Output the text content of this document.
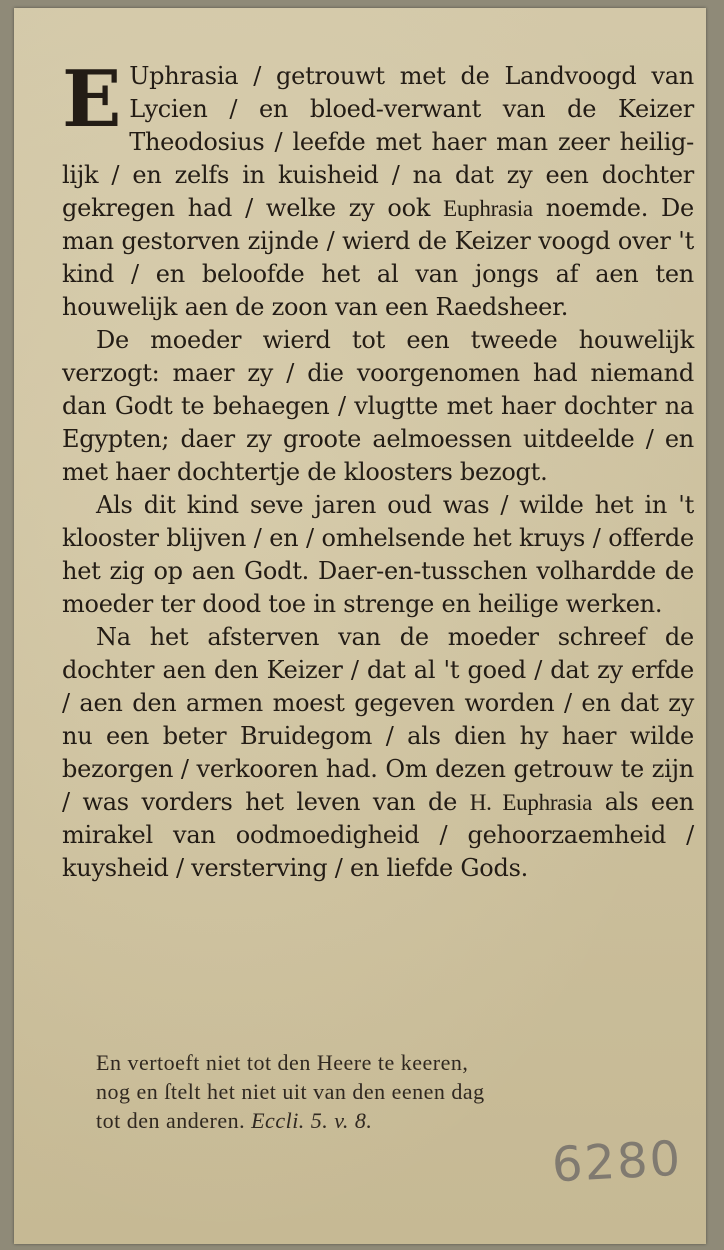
E Uphrasia / getrouwt met de Landvoogd van Lycien / en bloed-verwant van de Keizer Theodosius / leefde met haer man zeer heilig-lijk / en zelfs in kuisheid / na dat zy een dochter gekregen had / welke zy ook Euphrasia noemde. De man gestorven zijnde / wierd de Keizer voogd over 't kind / en beloofde het al van jongs af aen ten houwelijk aen de zoon van een Raedsheer.

De moeder wierd tot een tweede houwelijk verzogt: maer zy / die voorgenomen had niemand dan Godt te behaegen / vlugtte met haer dochter na Egypten; daer zy groote aelmoessen uitdeelde / en met haer dochtertje de kloosters bezogt.

Als dit kind seve jaren oud was / wilde het in 't klooster blijven / en / omhelsende het kruys / offerde het zig op aen Godt. Daer-en-tusschen volhardde de moeder ter dood toe in strenge en heilige werken.

Na het afsterven van de moeder schreef de dochter aen den Keizer / dat al 't goed / dat zy erfde / aen den armen moest gegeven worden / en dat zy nu een beter Bruidegom / als dien hy haer wilde bezorgen / verkooren had. Om dezen getrouw te zijn / was vorders het leven van de H. Euphrasia als een mirakel van oodmoedigheid / gehoorzaemheid / kuysheid / versterving / en liefde Gods.

En vertoeft niet tot den Heere te keeren,

nog en ſtelt het niet uit van den eenen dag

tot den anderen. Eccli. 5. v. 8.

6280
